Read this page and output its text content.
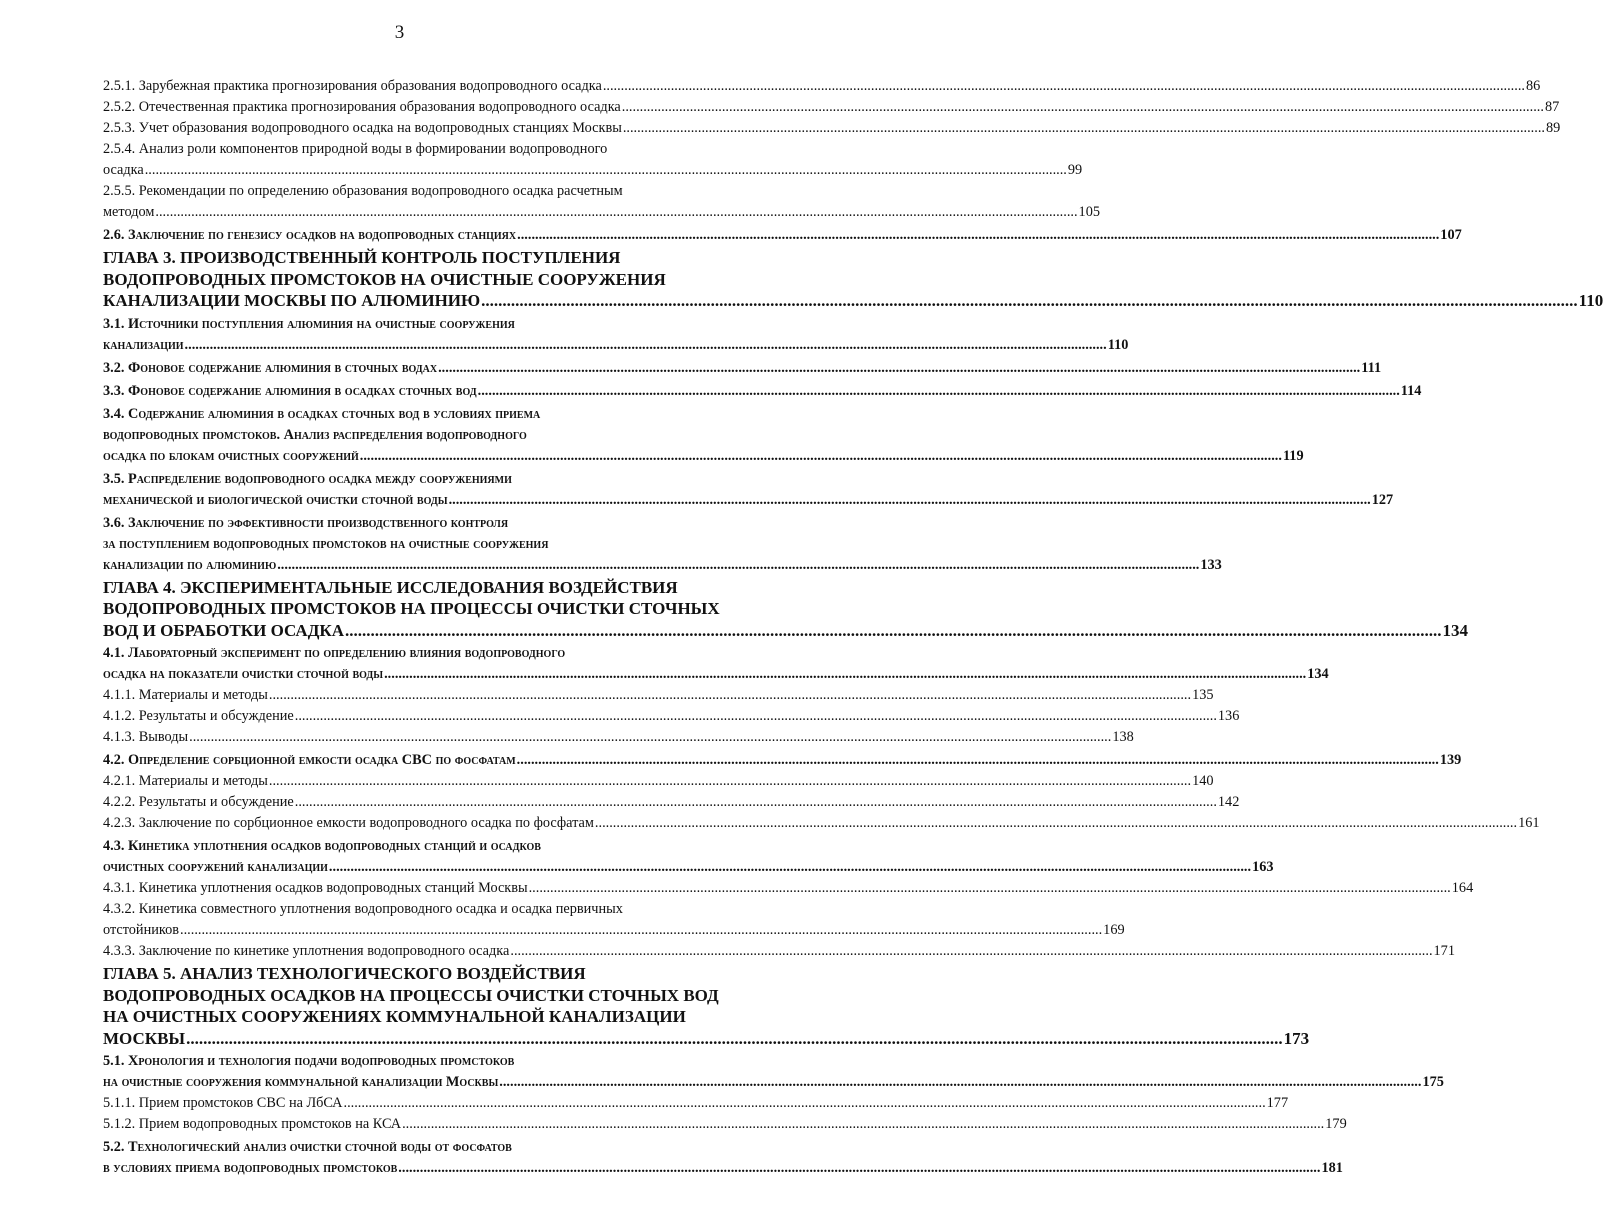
3
2.5.1. Зарубежная практика прогнозирования образования водопроводного осадка .....	86
2.5.2. Отечественная практика прогнозирования образования водопроводного осадка .....	87
2.5.3. Учет образования водопроводного осадка на водопроводных станциях Москвы .....	89
2.5.4. Анализ роли компонентов природной воды в формировании водопроводного
осадка .....	99
2.5.5. Рекомендации по определению образования водопроводного осадка расчетным
методом .....	105
2.6. Заключение по генезису осадков на водопроводных станциях .....	107
ГЛАВА 3. ПРОИЗВОДСТВЕННЫЙ КОНТРОЛЬ ПОСТУПЛЕНИЯ
ВОДОПРОВОДНЫХ ПРОМСТОКОВ НА ОЧИСТНЫЕ СООРУЖЕНИЯ
КАНАЛИЗАЦИИ МОСКВЫ ПО АЛЮМИНИЮ .....	110
3.1. Источники поступления алюминия на очистные сооружения
канализации .....	110
3.2. Фоновое содержание алюминия в сточных водах .....	111
3.3. Фоновое содержание алюминия в осадках сточных вод .....	114
3.4. Содержание алюминия в осадках сточных вод в условиях приема
водопроводных промстоков. Анализ распределения водопроводного
осадка по блокам очистных сооружений .....	119
3.5. Распределение водопроводного осадка между сооружениями
механической и биологической очистки сточной воды .....	127
3.6. Заключение по эффективности производственного контроля
за поступлением водопроводных промстоков на очистные сооружения
канализации по алюминию .....	133
ГЛАВА 4. ЭКСПЕРИМЕНТАЛЬНЫЕ ИССЛЕДОВАНИЯ ВОЗДЕЙСТВИЯ
ВОДОПРОВОДНЫХ ПРОМСТОКОВ НА ПРОЦЕССЫ ОЧИСТКИ СТОЧНЫХ
ВОД И ОБРАБОТКИ ОСАДКА .....	134
4.1. Лабораторный эксперимент по определению влияния водопроводного
осадка на показатели очистки сточной воды .....	134
4.1.1. Материалы и методы .....	135
4.1.2. Результаты и обсуждение .....	136
4.1.3. Выводы .....	138
4.2. Определение сорбционной емкости осадка СВС по фосфатам .....	139
4.2.1. Материалы и методы .....	140
4.2.2. Результаты и обсуждение .....	142
4.2.3. Заключение по сорбционное емкости водопроводного осадка по фосфатам .....	161
4.3. Кинетика уплотнения осадков водопроводных станций и осадков
очистных сооружений канализации .....	163
4.3.1. Кинетика уплотнения осадков водопроводных станций Москвы .....	164
4.3.2. Кинетика совместного уплотнения водопроводного осадка и осадка первичных
отстойников .....	169
4.3.3. Заключение по кинетике уплотнения водопроводного осадка .....	171
ГЛАВА 5. АНАЛИЗ ТЕХНОЛОГИЧЕСКОГО ВОЗДЕЙСТВИЯ
ВОДОПРОВОДНЫХ ОСАДКОВ НА ПРОЦЕССЫ ОЧИСТКИ СТОЧНЫХ ВОД
НА ОЧИСТНЫХ СООРУЖЕНИЯХ КОММУНАЛЬНОЙ КАНАЛИЗАЦИИ
МОСКВЫ .....	173
5.1. Хронология и технология подачи водопроводных промстоков
на очистные сооружения коммунальной канализации Москвы .....	175
5.1.1. Прием промстоков СВС на ЛбСА .....	177
5.1.2. Прием водопроводных промстоков на КСА .....	179
5.2. Технологический анализ очистки сточной воды от фосфатов
в условиях приема водопроводных промстоков .....	181
